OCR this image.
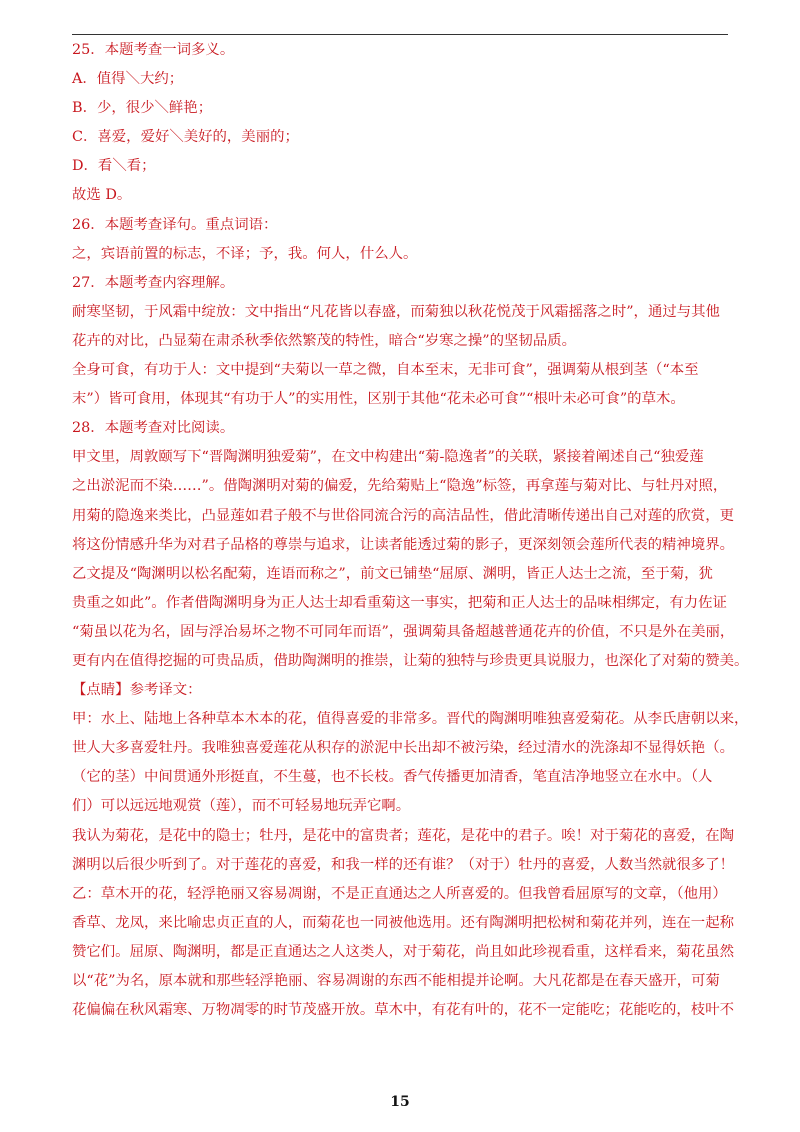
25．本题考查一词多义。
A．值得＼大约；
B．少，很少＼鲜艳；
C．喜爱，爱好＼美好的，美丽的；
D．看＼看；
故选 D。
26．本题考查译句。重点词语：
之，宾语前置的标志，不译；予，我。何人，什么人。
27．本题考查内容理解。
耐寒坚韧，于风霜中绽放：文中指出“凡花皆以春盛，而菊独以秋花悦茂于风霜摇落之时”，通过与其他
花卉的对比，凸显菊在肃杀秋季依然繁茂的特性，暗合“岁寒之操”的坚韧品质。
全身可食，有功于人：文中提到“夫菊以一草之微，自本至末，无非可食”，强调菊从根到茎（“本至
末”）皆可食用，体现其“有功于人”的实用性，区别于其他“花未必可食”“根叶未必可食”的草木。
28．本题考查对比阅读。
甲文里，周敦颐写下“晋陶渊明独爱菊”，在文中构建出“菊-隐逸者”的关联，紧接着阐述自己“独爱莲
之出淤泥而不染……”。借陶渊明对菊的偏爱，先给菊贴上“隐逸”标签，再拿莲与菊对比、与牡丹对照，
用菊的隐逸来类比，凸显莲如君子般不与世俗同流合污的高洁品性，借此清晰传递出自己对莲的欣赏，更
将这份情感升华为对君子品格的尊崇与追求，让读者能透过菊的影子，更深刻领会莲所代表的精神境界。
乙文提及“陶渊明以松名配菊，连语而称之”，前文已铺垫“屈原、渊明，皆正人达士之流，至于菊，犹
贵重之如此”。作者借陶渊明身为正人达士却看重菊这一事实，把菊和正人达士的品味相绑定，有力佐证
“菊虽以花为名，固与浮冶易坏之物不可同年而语”，强调菊具备超越普通花卉的价值，不只是外在美丽，
更有内在值得挖掘的可贵品质，借助陶渊明的推崇，让菊的独特与珍贵更具说服力，也深化了对菊的赞美。
【点睛】参考译文：
甲：水上、陆地上各种草本木本的花，值得喜爱的非常多。晋代的陶渊明唯独喜爱菊花。从李氏唐朝以来，
世人大多喜爱牡丹。我唯独喜爱莲花从积存的淤泥中长出却不被污染，经过清水的洗涤却不显得妖艳（。
（它的茎）中间贯通外形挺直，不生蔓，也不长枝。香气传播更加清香，笔直洁净地竖立在水中。（人
们）可以远远地观赏（莲），而不可轻易地玩弄它啊。
我认为菊花，是花中的隐士；牡丹，是花中的富贵者；莲花，是花中的君子。唉！对于菊花的喜爱，在陶
渊明以后很少听到了。对于莲花的喜爱，和我一样的还有谁？（对于）牡丹的喜爱，人数当然就很多了！
乙：草木开的花，轻浮艳丽又容易凋谢，不是正直通达之人所喜爱的。但我曾看屈原写的文章，（他用）
香草、龙凤，来比喻忠贞正直的人，而菊花也一同被他选用。还有陶渊明把松树和菊花并列，连在一起称
赞它们。屈原、陶渊明，都是正直通达之人这类人，对于菊花，尚且如此珍视看重，这样看来，菊花虽然
以“花”为名，原本就和那些轻浮艳丽、容易凋谢的东西不能相提并论啊。大凡花都是在春天盛开，可菊
花偏偏在秋风霜寒、万物凋零的时节茂盛开放。草木中，有花有叶的，花不一定能吃；花能吃的，枝叶不
15
